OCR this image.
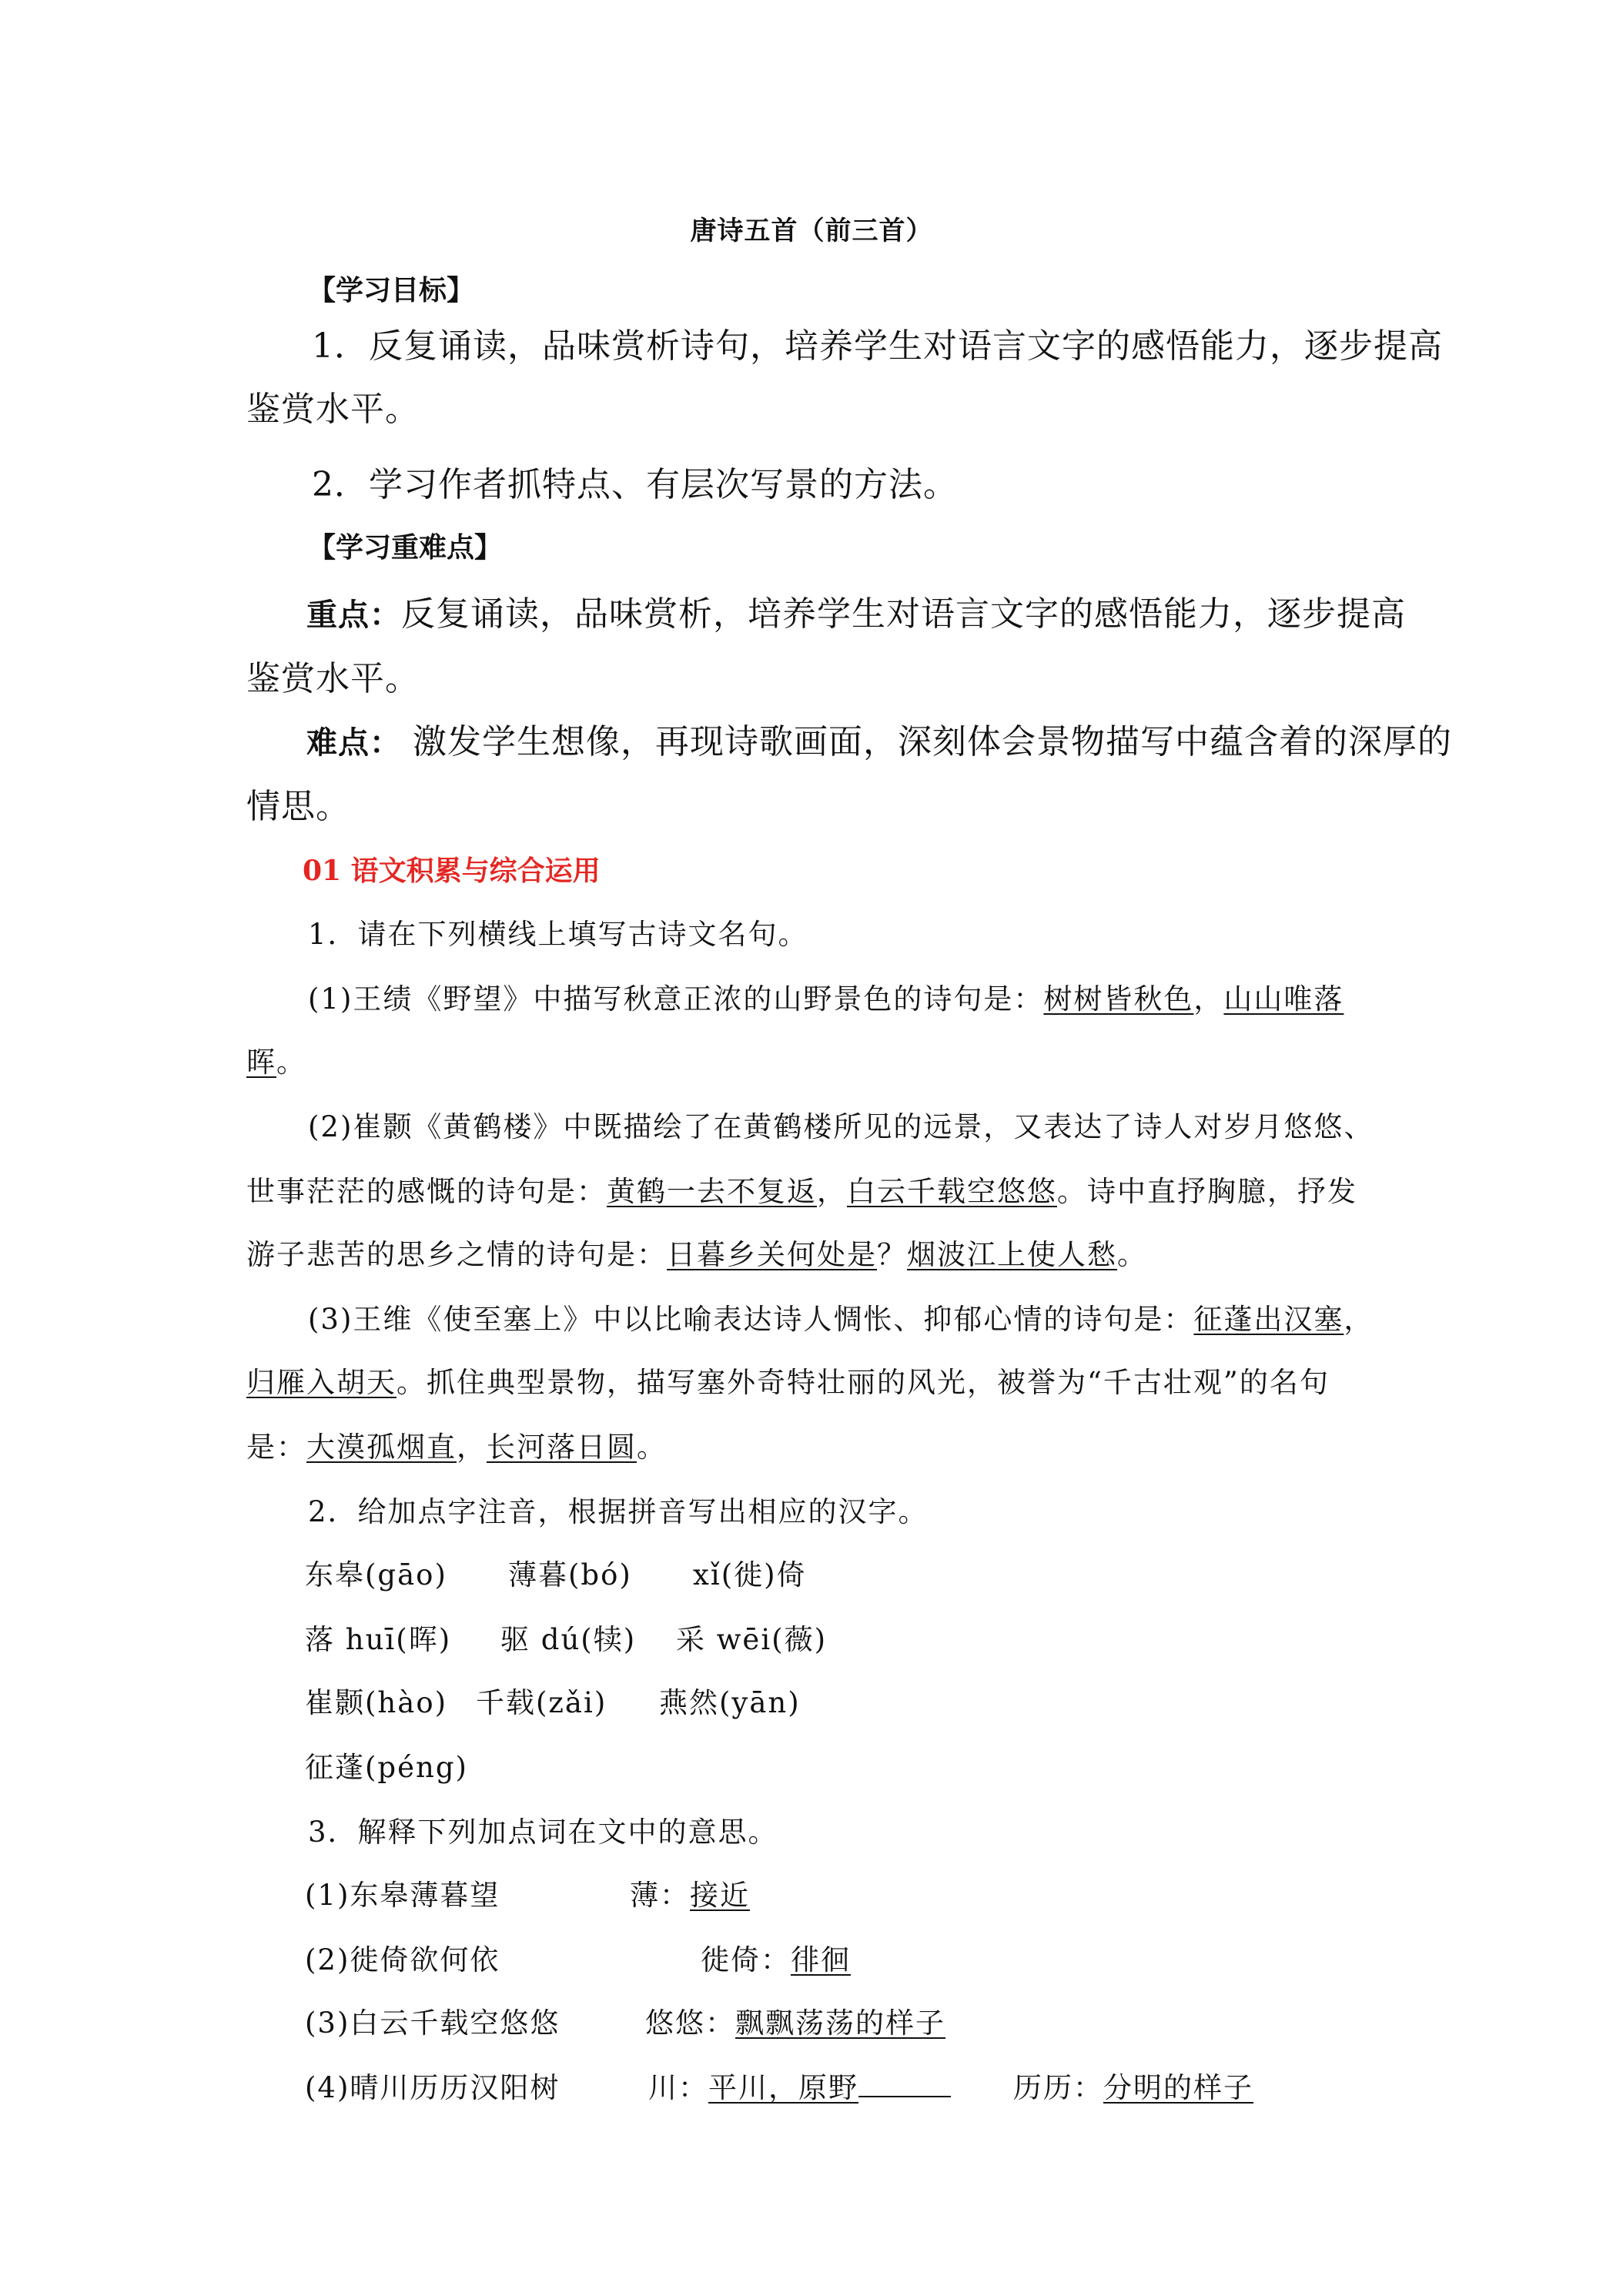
唐诗五首（前三首）
【学习目标】
1．反复诵读，品味赏析诗句，培养学生对语言文字的感悟能力，逐步提高
鉴赏水平。
2．学习作者抓特点、有层次写景的方法。
【学习重难点】
重点：反复诵读，品味赏析，培养学生对语言文字的感悟能力，逐步提高
鉴赏水平。
难点： 激发学生想像，再现诗歌画面，深刻体会景物描写中蕴含着的深厚的
情思。
01 语文积累与综合运用
1．请在下列横线上填写古诗文名句。
(1)王绩《野望》中描写秋意正浓的山野景色的诗句是：树树皆秋色，山山唯落
晖。
(2)崔颢《黄鹤楼》中既描绘了在黄鹤楼所见的远景，又表达了诗人对岁月悠悠、
世事茫茫的感慨的诗句是：黄鹤一去不复返，白云千载空悠悠。诗中直抒胸臆，抒发
游子悲苦的思乡之情的诗句是：日暮乡关何处是？烟波江上使人愁。
(3)王维《使至塞上》中以比喻表达诗人惆怅、抑郁心情的诗句是：征蓬出汉塞，
归雁入胡天。抓住典型景物，描写塞外奇特壮丽的风光，被誉为“千古壮观”的名句
是：大漠孤烟直，长河落日圆。
2．给加点字注音，根据拼音写出相应的汉字。
东皋(gāo) 薄暮(bó) xǐ(徙)倚
落 huī(晖) 驱 dú(犊) 采 wēi(薇)
崔颢(hào) 千载(zǎi) 燕然(yān)
征蓬(péng)
3．解释下列加点词在文中的意思。
(1)东皋薄暮望	薄：接近
(2)徙倚欲何依	徙倚：徘徊
(3)白云千载空悠悠	悠悠：飘飘荡荡的样子
(4)晴川历历汉阳树	川：平川，原野	历历：分明的样子
